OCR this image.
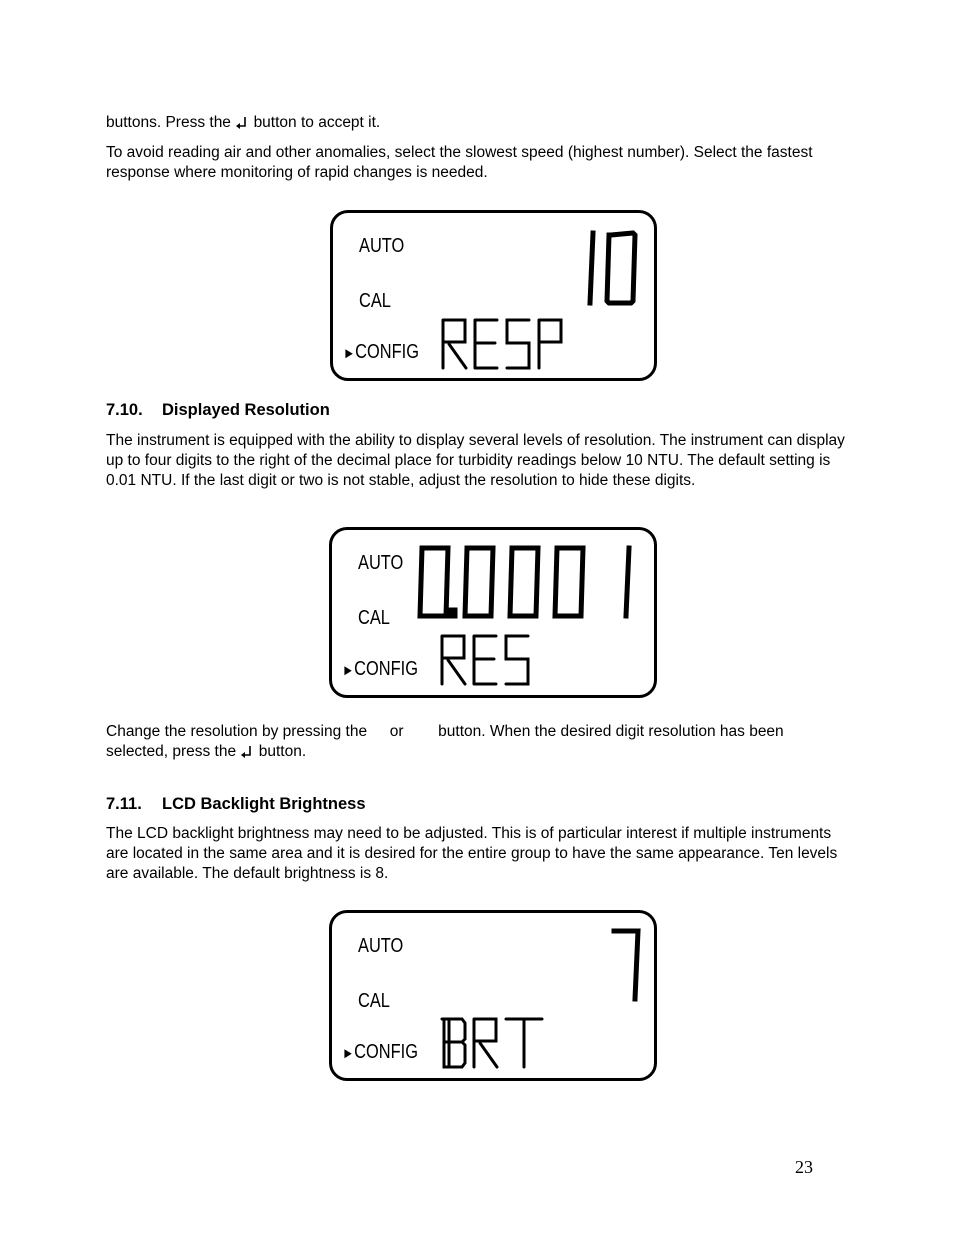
buttons. Press the button to accept it.

To avoid reading air and other anomalies, select the slowest speed (highest number). Select the fastest response where monitoring of rapid changes is needed.

AUTO
CAL
►CONFIG

7.10. Displayed Resolution

The instrument is equipped with the ability to display several levels of resolution. The instrument can display up to four digits to the right of the decimal place for turbidity readings below 10 NTU. The default setting is 0.01 NTU. If the last digit or two is not stable, adjust the resolution to hide these digits.

AUTO
CAL
►CONFIG

Change the resolution by pressing the or button. When the desired digit resolution has been selected, press the button.

7.11. LCD Backlight Brightness

The LCD backlight brightness may need to be adjusted. This is of particular interest if multiple instruments are located in the same area and it is desired for the entire group to have the same appearance. Ten levels are available. The default brightness is 8.

AUTO
CAL
►CONFIG
23
